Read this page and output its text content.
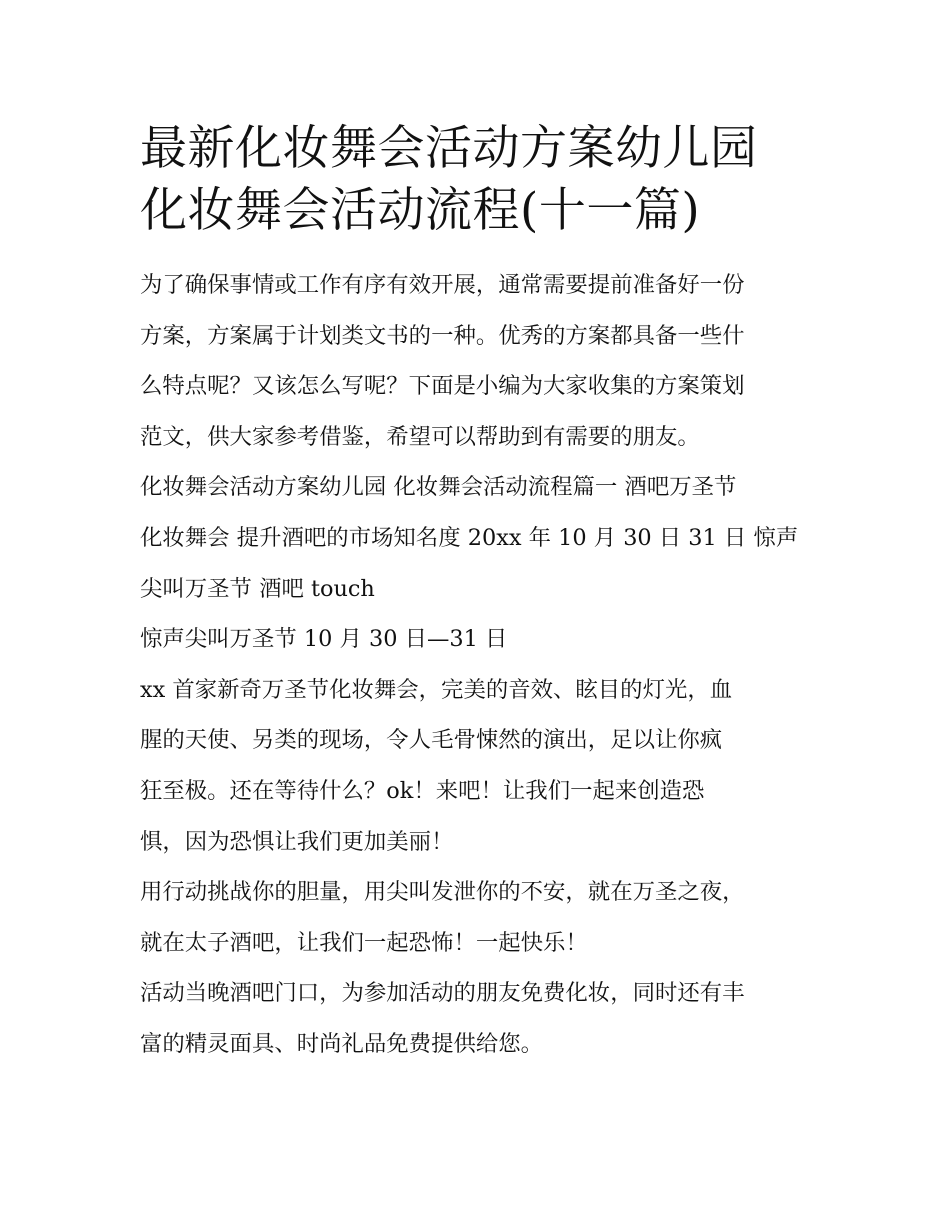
最新化妆舞会活动方案幼儿园
化妆舞会活动流程(十一篇)

为了确保事情或工作有序有效开展，通常需要提前准备好一份
方案，方案属于计划类文书的一种。优秀的方案都具备一些什
么特点呢？又该怎么写呢？下面是小编为大家收集的方案策划
范文，供大家参考借鉴，希望可以帮助到有需要的朋友。

化妆舞会活动方案幼儿园 化妆舞会活动流程篇一 酒吧万圣节
化妆舞会 提升酒吧的市场知名度 20xx 年 10 月 30 日 31 日 惊声
尖叫万圣节 酒吧 touch

惊声尖叫万圣节 10 月 30 日—31 日

xx 首家新奇万圣节化妆舞会，完美的音效、眩目的灯光，血
腥的天使、另类的现场，令人毛骨悚然的演出，足以让你疯
狂至极。还在等待什么？ok！来吧！让我们一起来创造恐
惧，因为恐惧让我们更加美丽！

用行动挑战你的胆量，用尖叫发泄你的不安，就在万圣之夜，
就在太子酒吧，让我们一起恐怖！一起快乐！

活动当晚酒吧门口，为参加活动的朋友免费化妆，同时还有丰
富的精灵面具、时尚礼品免费提供给您。
